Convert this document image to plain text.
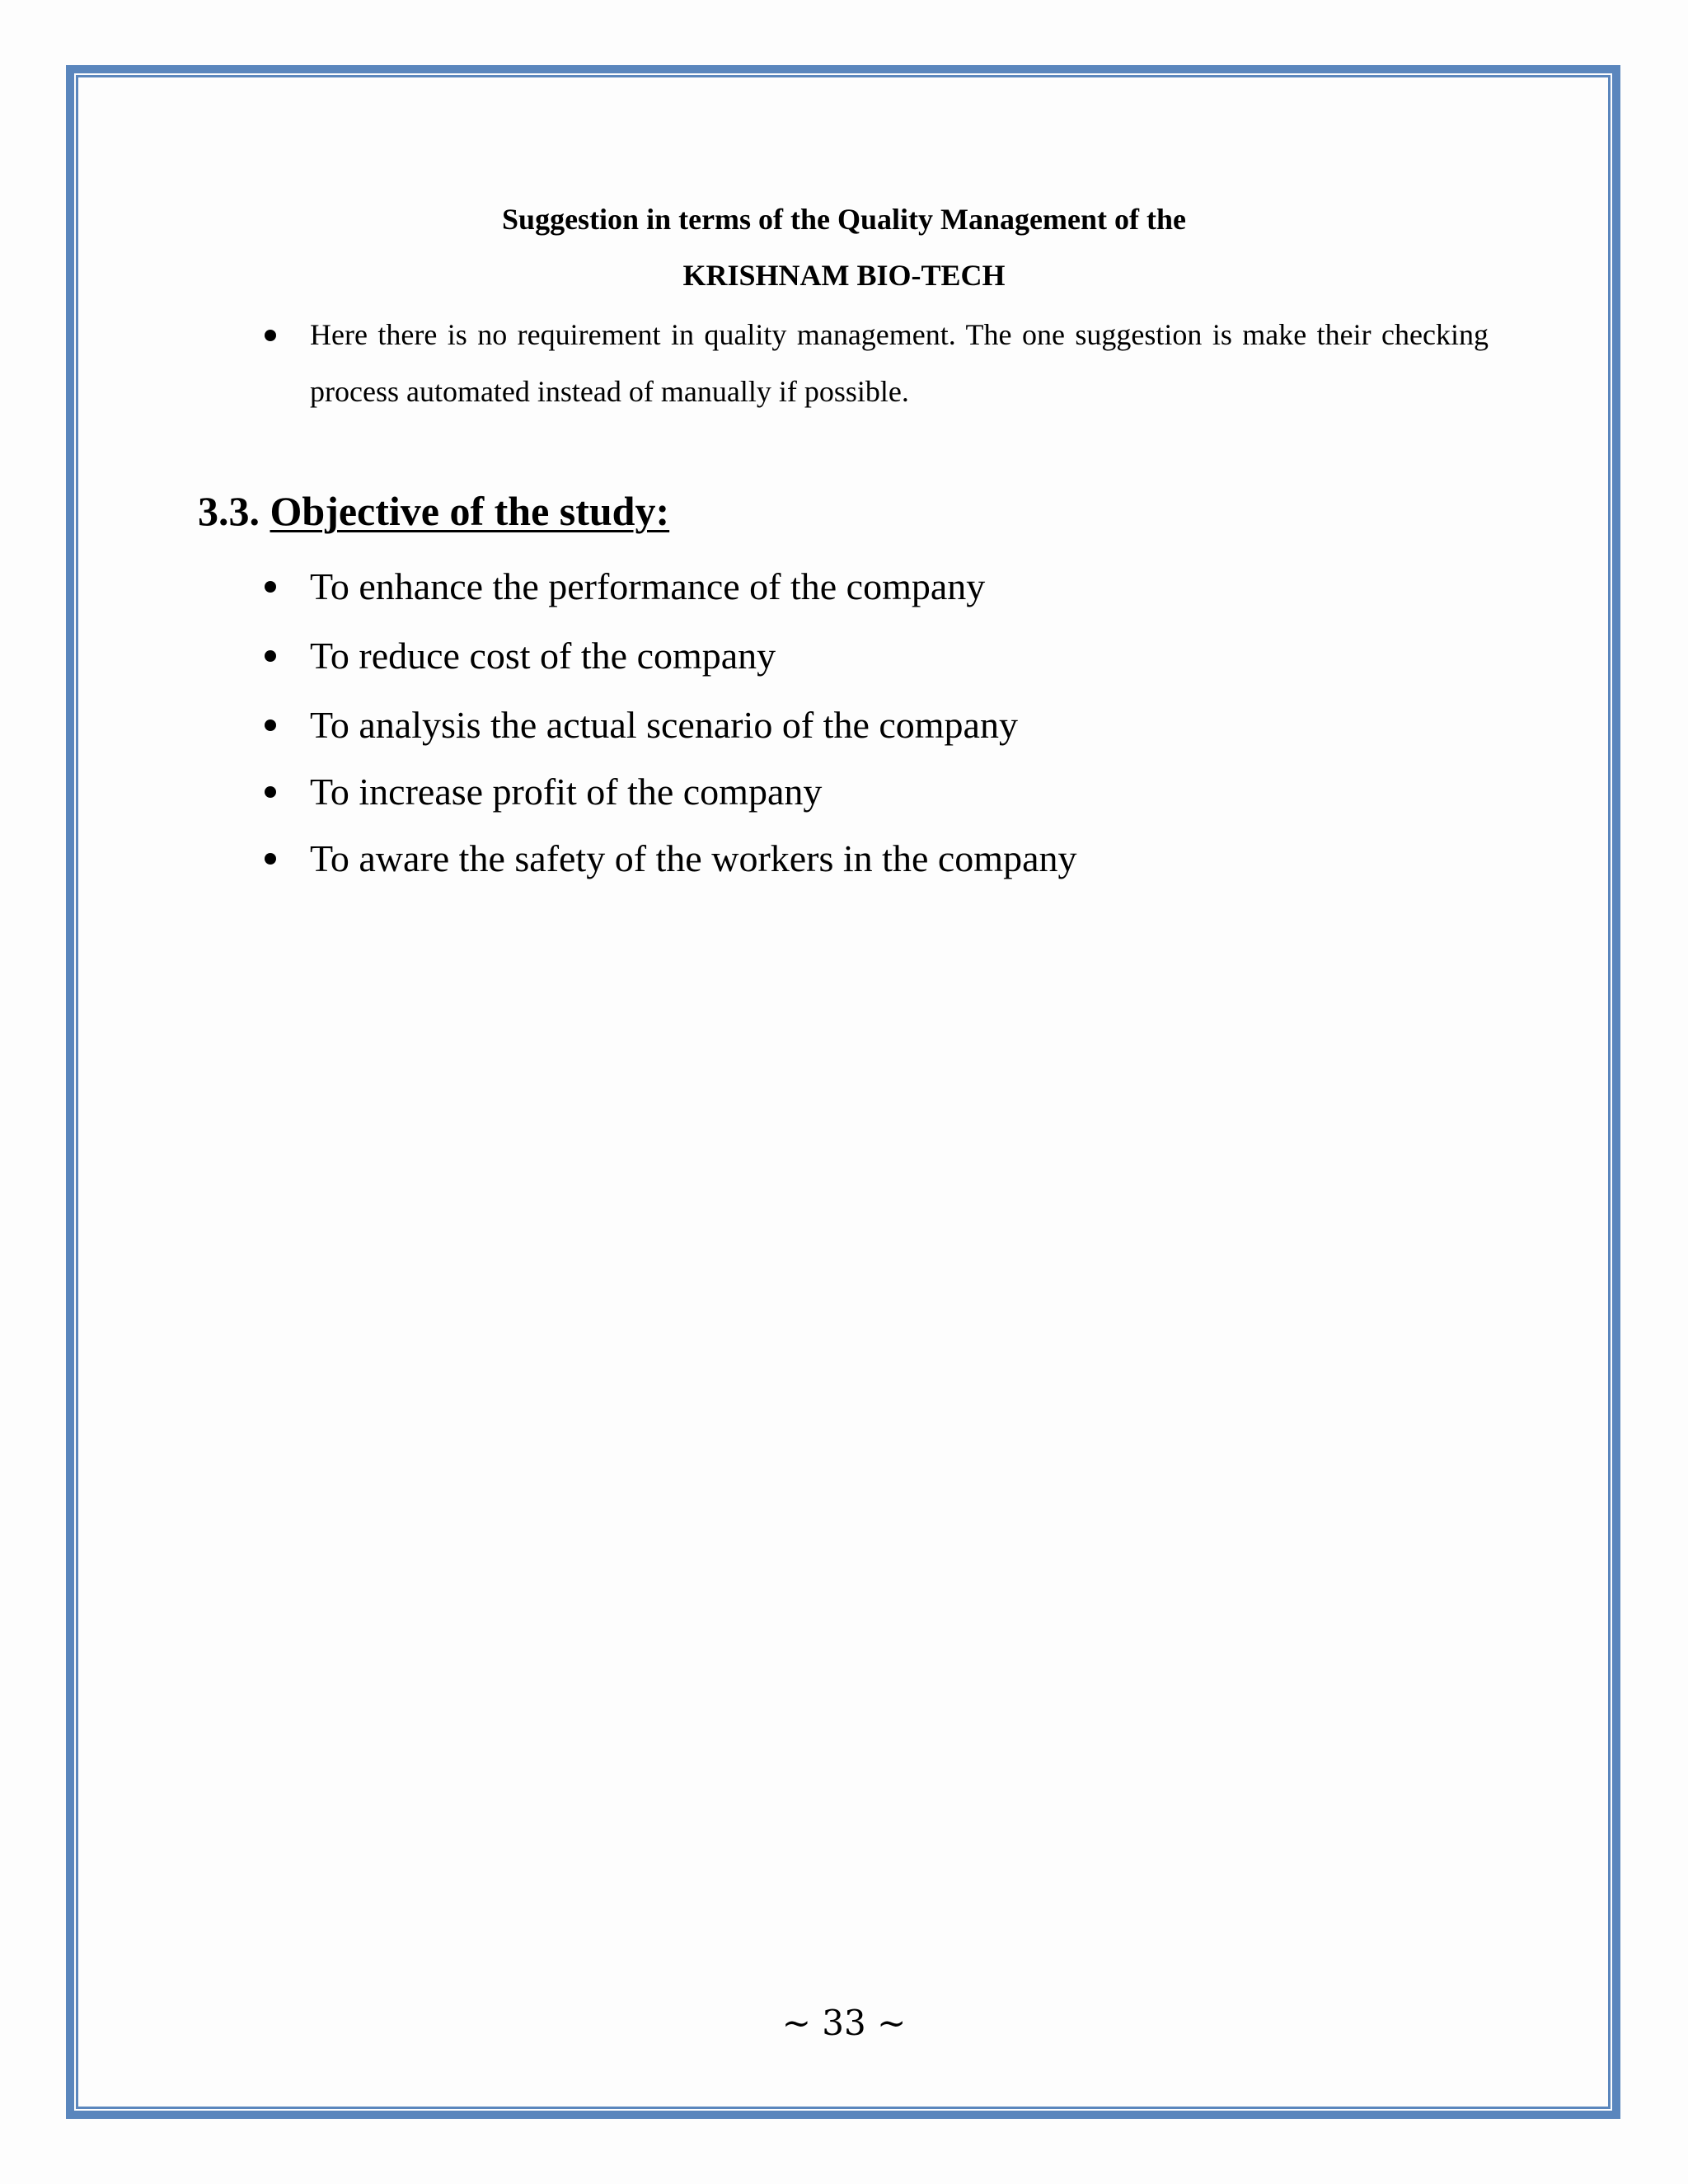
Suggestion in terms of the Quality Management of the
KRISHNAM BIO-TECH
Here there is no requirement in quality management. The one suggestion is make their checking process automated instead of manually if possible.
3.3. Objective of the study:
To enhance the performance of the company
To reduce cost of the company
To analysis the actual scenario of the company
To increase profit of the company
To aware the safety of the workers in the company
~ 33 ~
